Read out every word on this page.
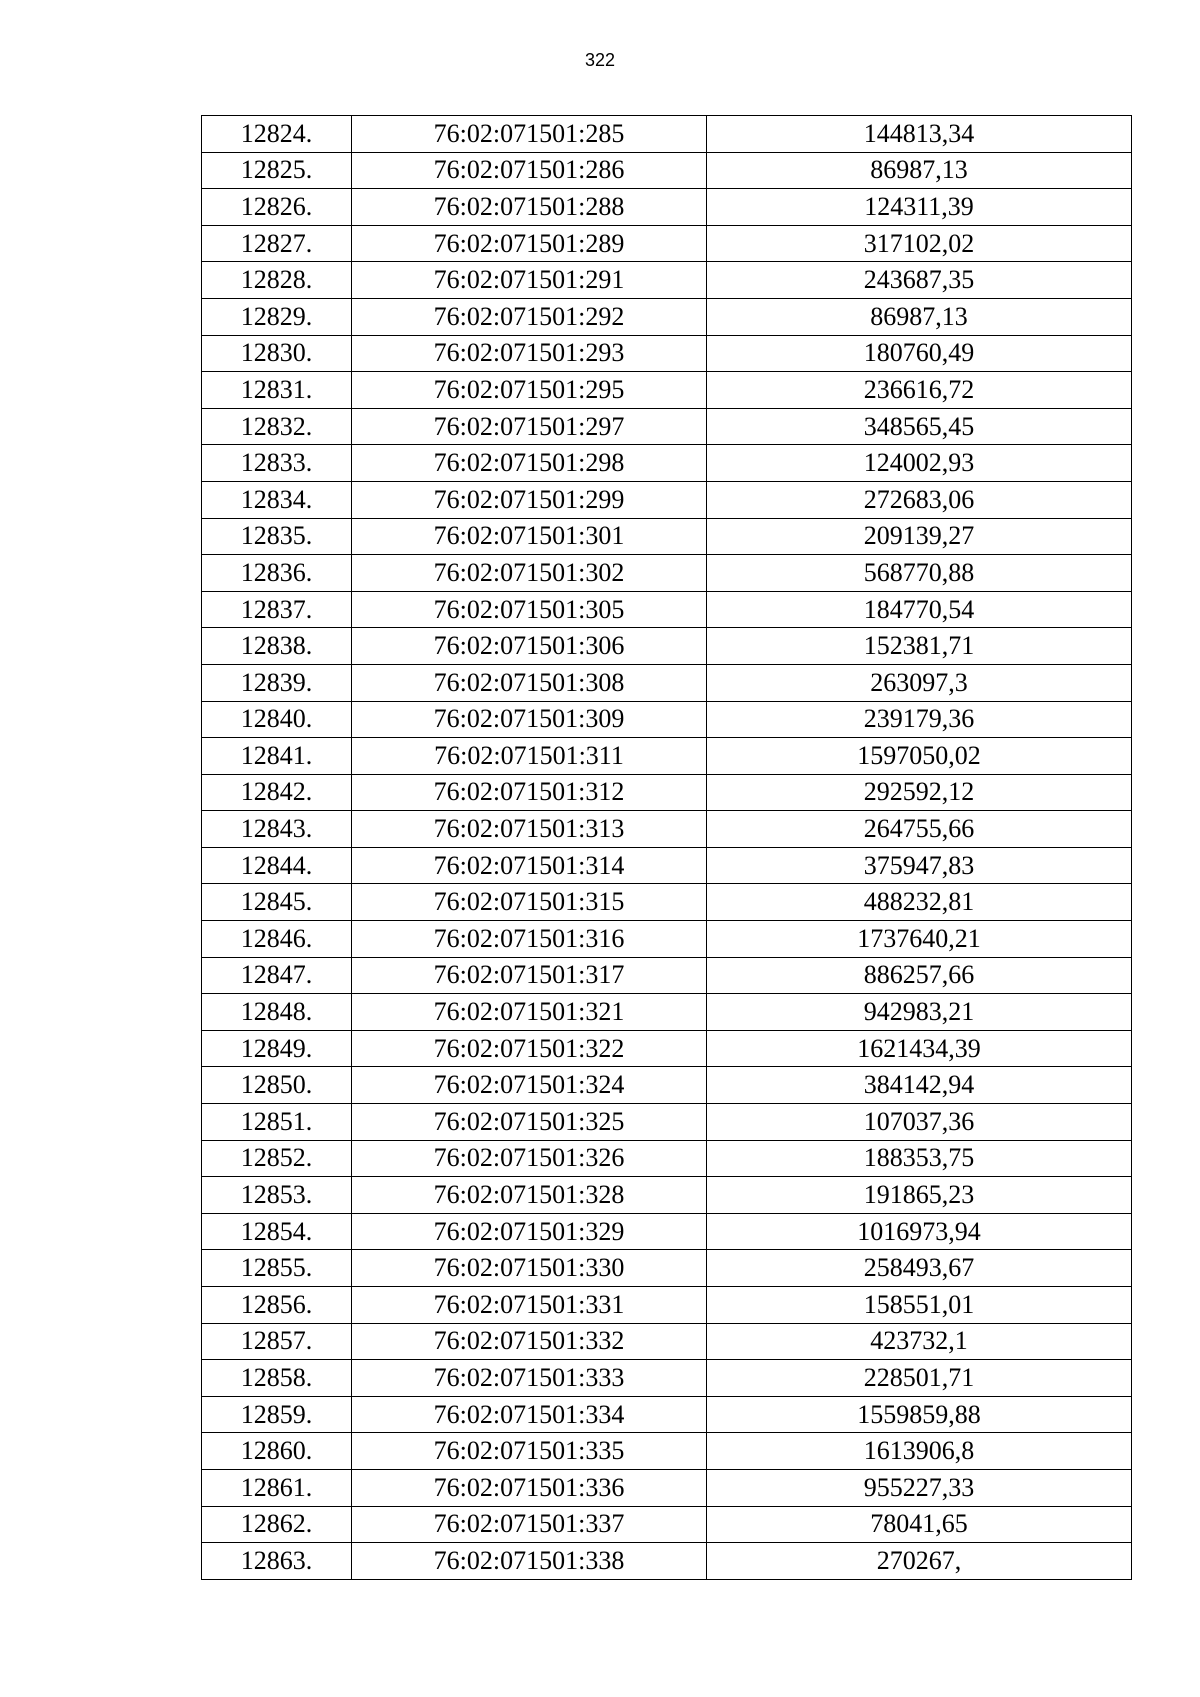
322
12824.	76:02:071501:285	144813,34
12825.	76:02:071501:286	86987,13
12826.	76:02:071501:288	124311,39
12827.	76:02:071501:289	317102,02
12828.	76:02:071501:291	243687,35
12829.	76:02:071501:292	86987,13
12830.	76:02:071501:293	180760,49
12831.	76:02:071501:295	236616,72
12832.	76:02:071501:297	348565,45
12833.	76:02:071501:298	124002,93
12834.	76:02:071501:299	272683,06
12835.	76:02:071501:301	209139,27
12836.	76:02:071501:302	568770,88
12837.	76:02:071501:305	184770,54
12838.	76:02:071501:306	152381,71
12839.	76:02:071501:308	263097,3
12840.	76:02:071501:309	239179,36
12841.	76:02:071501:311	1597050,02
12842.	76:02:071501:312	292592,12
12843.	76:02:071501:313	264755,66
12844.	76:02:071501:314	375947,83
12845.	76:02:071501:315	488232,81
12846.	76:02:071501:316	1737640,21
12847.	76:02:071501:317	886257,66
12848.	76:02:071501:321	942983,21
12849.	76:02:071501:322	1621434,39
12850.	76:02:071501:324	384142,94
12851.	76:02:071501:325	107037,36
12852.	76:02:071501:326	188353,75
12853.	76:02:071501:328	191865,23
12854.	76:02:071501:329	1016973,94
12855.	76:02:071501:330	258493,67
12856.	76:02:071501:331	158551,01
12857.	76:02:071501:332	423732,1
12858.	76:02:071501:333	228501,71
12859.	76:02:071501:334	1559859,88
12860.	76:02:071501:335	1613906,8
12861.	76:02:071501:336	955227,33
12862.	76:02:071501:337	78041,65
12863.	76:02:071501:338	270267,
